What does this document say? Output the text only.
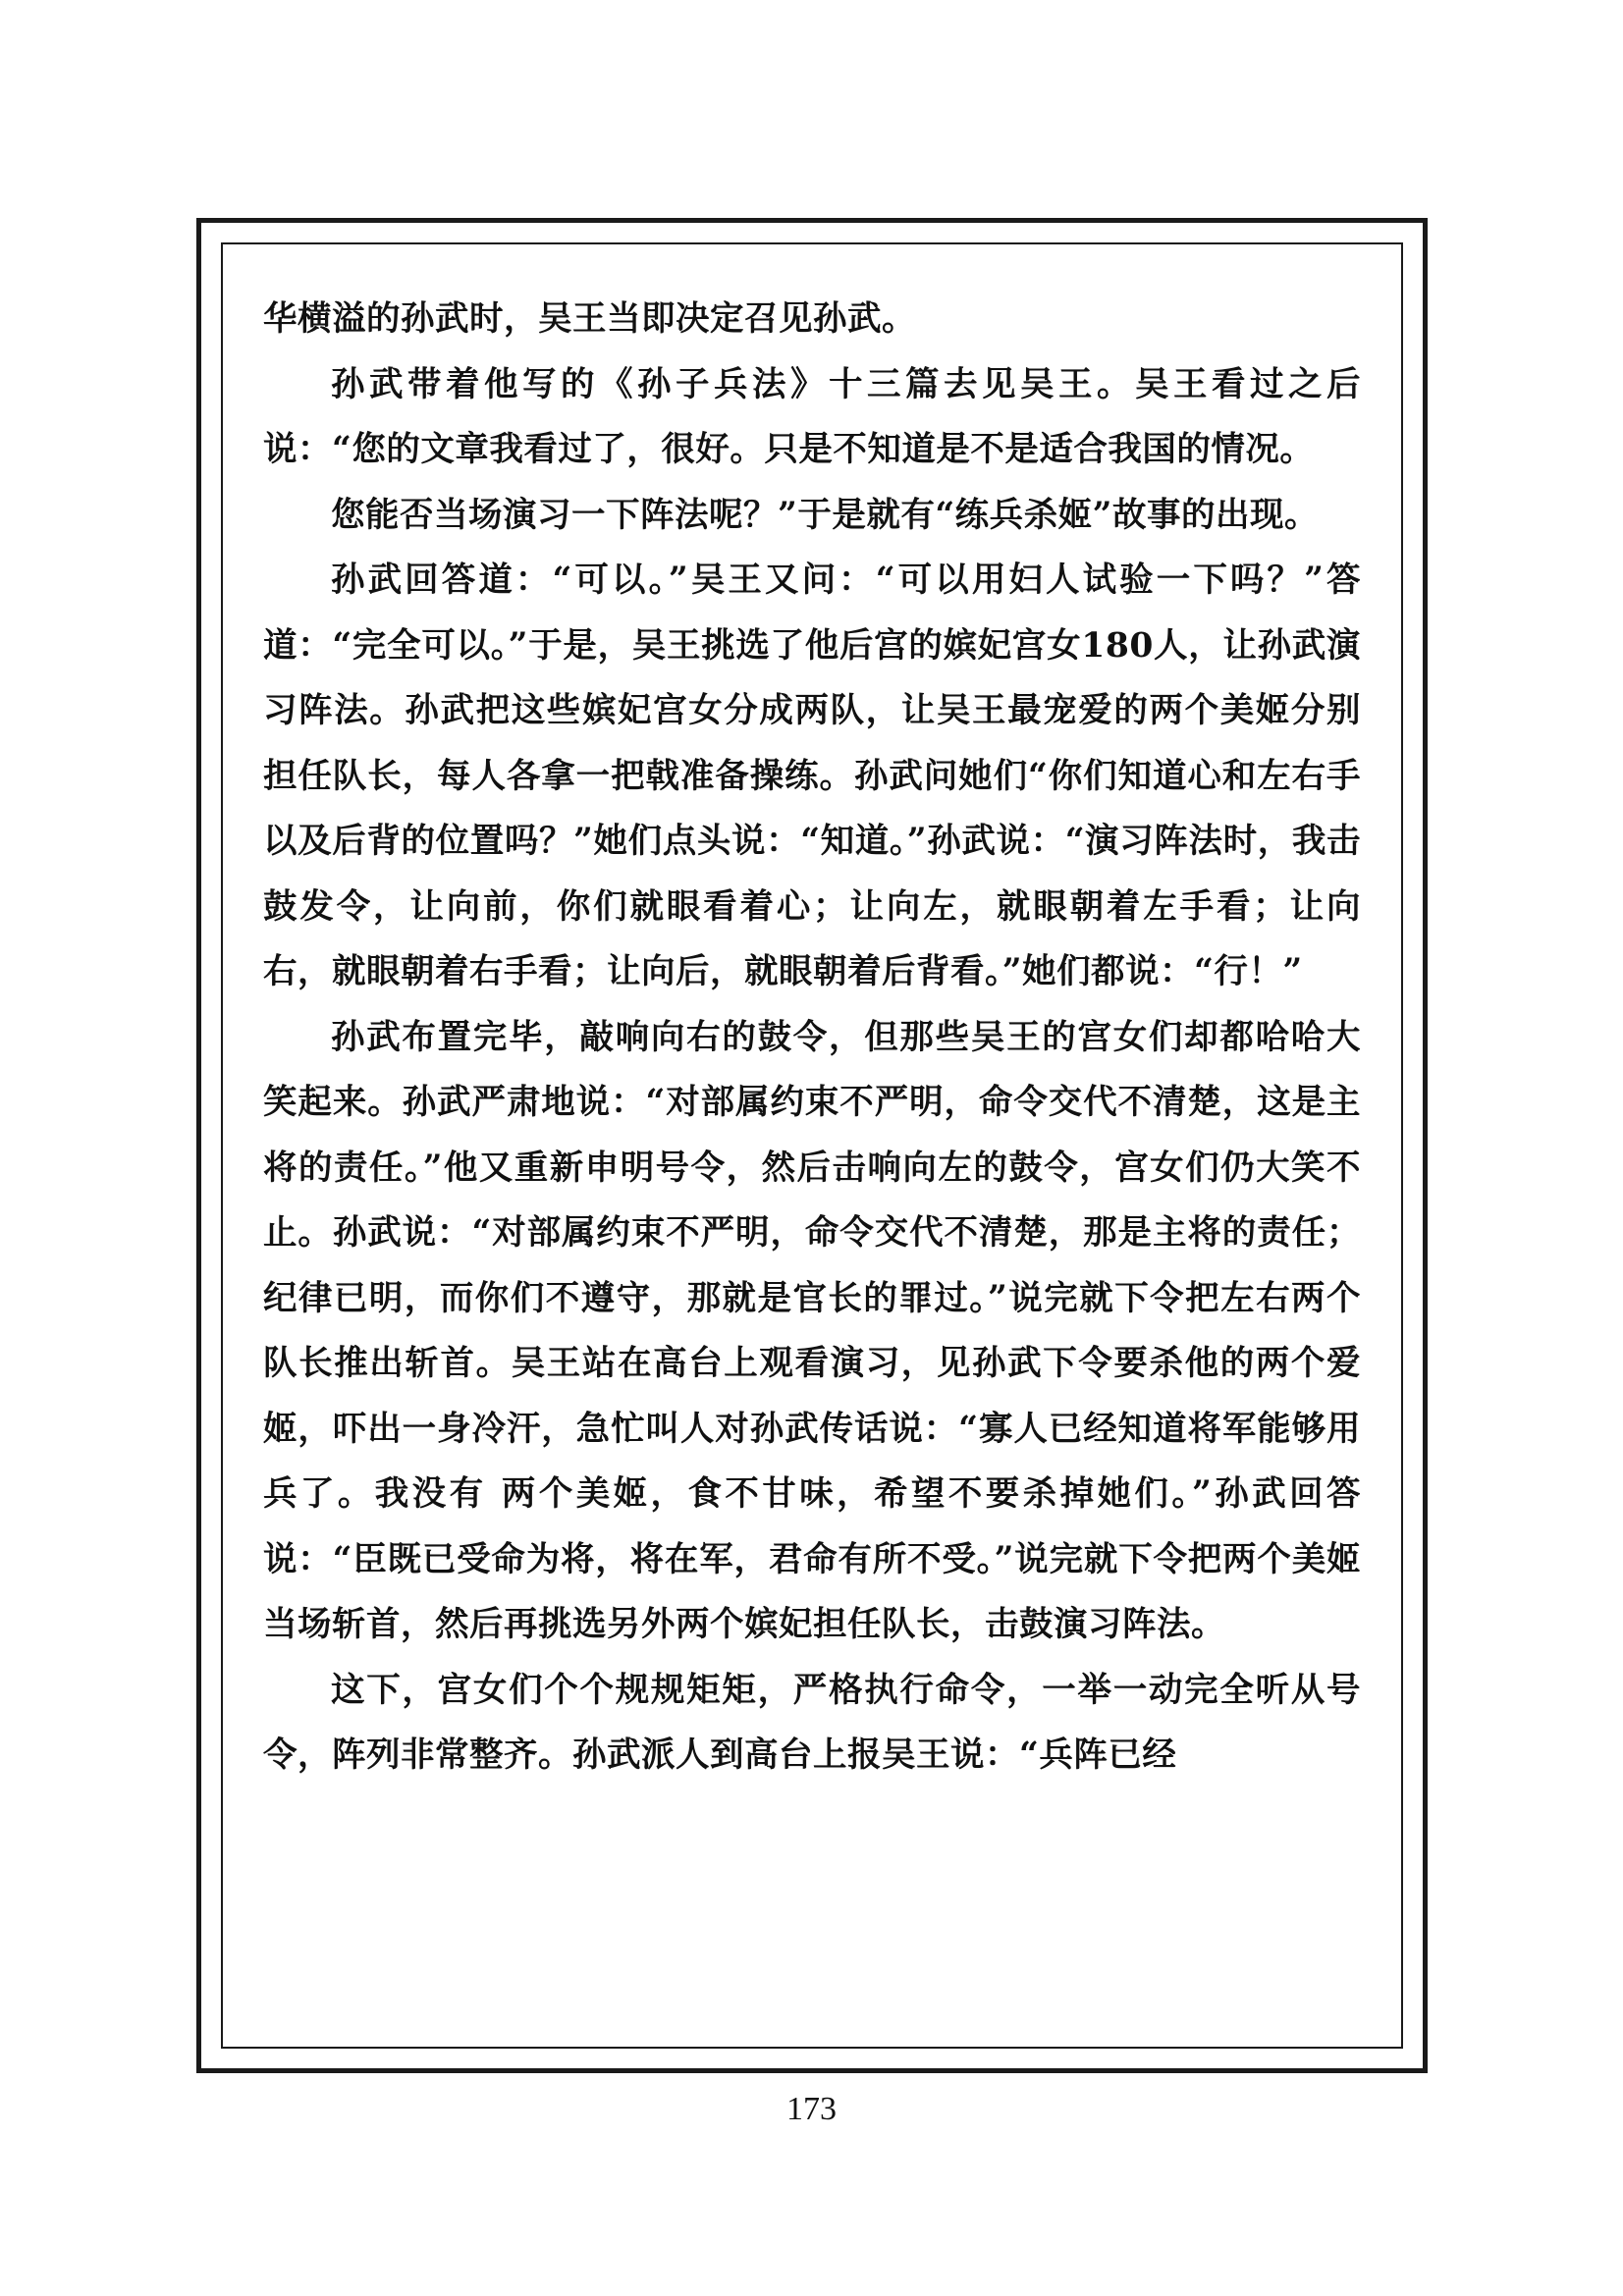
华横溢的孙武时，吴王当即决定召见孙武。

孙武带着他写的《孙子兵法》十三篇去见吴王。吴王看过之后说：“您的文章我看过了，很好。只是不知道是不是适合我国的情况。

您能否当场演习一下阵法呢？”于是就有“练兵杀姬”故事的出现。

孙武回答道：“可以。”吴王又问：“可以用妇人试验一下吗？”答道：“完全可以。”于是，吴王挑选了他后宫的嫔妃宫女180人，让孙武演习阵法。孙武把这些嫔妃宫女分成两队，让吴王最宠爱的两个美姬分别担任队长，每人各拿一把戟准备操练。孙武问她们“你们知道心和左右手以及后背的位置吗？”她们点头说：“知道。”孙武说：“演习阵法时，我击鼓发令，让向前，你们就眼看着心；让向左，就眼朝着左手看；让向右，就眼朝着右手看；让向后，就眼朝着后背看。”她们都说：“行！”

孙武布置完毕，敲响向右的鼓令，但那些吴王的宫女们却都哈哈大笑起来。孙武严肃地说：“对部属约束不严明，命令交代不清楚，这是主将的责任。”他又重新申明号令，然后击响向左的鼓令，宫女们仍大笑不止。孙武说：“对部属约束不严明，命令交代不清楚，那是主将的责任；纪律已明，而你们不遵守，那就是官长的罪过。”说完就下令把左右两个队长推出斩首。吴王站在高台上观看演习，见孙武下令要杀他的两个爱姬，吓出一身冷汗，急忙叫人对孙武传话说：“寡人已经知道将军能够用兵了。我没有 两个美姬，食不甘味，希望不要杀掉她们。”孙武回答说：“臣既已受命为将，将在军，君命有所不受。”说完就下令把两个美姬当场斩首，然后再挑选另外两个嫔妃担任队长，击鼓演习阵法。

这下，宫女们个个规规矩矩，严格执行命令，一举一动完全听从号令，阵列非常整齐。孙武派人到高台上报吴王说：“兵阵已经

173
